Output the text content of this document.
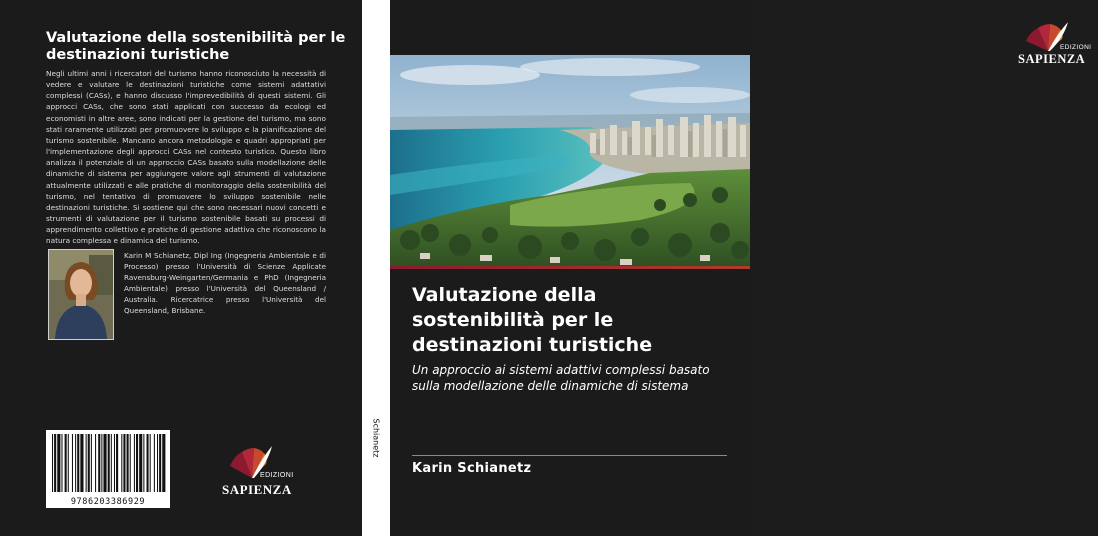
Valutazione della sostenibilità per le destinazioni turistiche
Negli ultimi anni i ricercatori del turismo hanno riconosciuto la necessità di vedere e valutare le destinazioni turistiche come sistemi adattativi complessi (CASs), e hanno discusso l'imprevedibilità di questi sistemi. Gli approcci CASs, che sono stati applicati con successo da ecologi ed economisti in altre aree, sono indicati per la gestione del turismo, ma sono stati raramente utilizzati per promuovere lo sviluppo e la pianificazione del turismo sostenibile. Mancano ancora metodologie e quadri appropriati per l'implementazione degli approcci CASs nel contesto turistico. Questo libro analizza il potenziale di un approccio CASs basato sulla modellazione delle dinamiche di sistema per aggiungere valore agli strumenti di valutazione attualmente utilizzati e alle pratiche di monitoraggio della sostenibilità del turismo, nel tentativo di promuovere lo sviluppo sostenibile nelle destinazioni turistiche. Si sostiene qui che sono necessari nuovi concetti e strumenti di valutazione per il turismo sostenibile basati su processi di apprendimento collettivo e pratiche di gestione adattiva che riconoscono la natura complessa e dinamica del turismo.
Karin M Schianetz, Dipl Ing (Ingegneria Ambientale e di Processo) presso l'Università di Scienze Applicate Ravensburg-Weingarten/Germania e PhD (Ingegneria Ambientale) presso l'Università del Queensland / Australia. Ricercatrice presso l'Università del Queensland, Brisbane.
9786203386929
EDIZIONI
SAPIENZA
Schianetz
EDIZIONI
SAPIENZA
Valutazione della sostenibilità per le destinazioni turistiche
Un approccio ai sistemi adattivi complessi basato sulla modellazione delle dinamiche di sistema
Karin Schianetz
